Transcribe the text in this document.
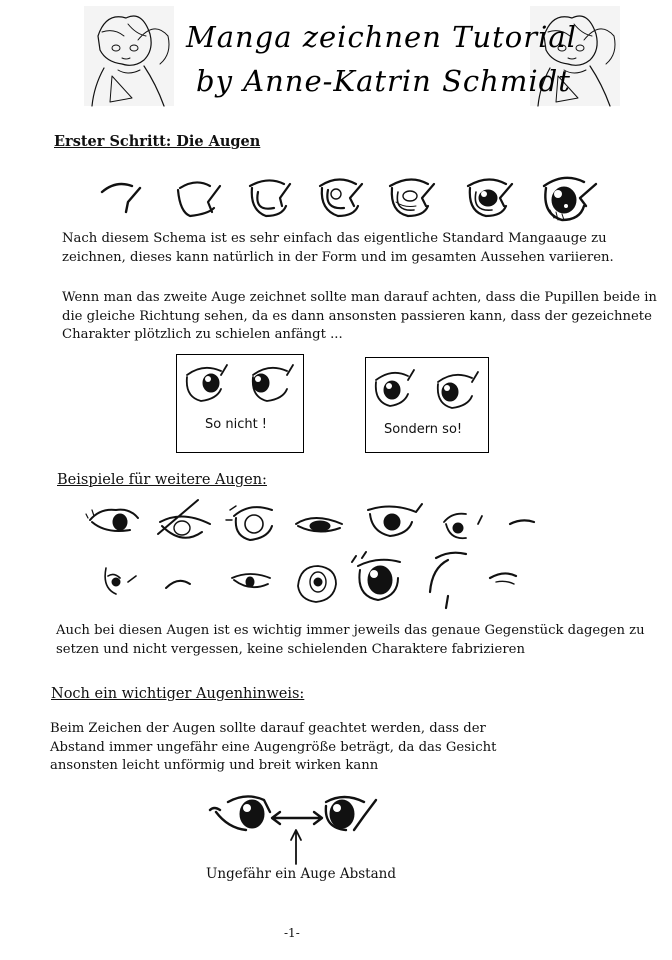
Manga zeichnen Tutorial
by Anne-Katrin Schmidt
Erster Schritt: Die Augen
Nach diesem Schema ist es sehr einfach das eigentliche Standard Mangaauge zu zeichnen, dieses kann natürlich in der Form und im gesamten Aussehen variieren.
Wenn man das zweite Auge zeichnet sollte man darauf achten, dass die Pupillen beide in die gleiche Richtung sehen, da es dann ansonsten passieren kann, dass der gezeichnete Charakter plötzlich zu schielen anfängt ...
So nicht !	Sondern so!
Beispiele für weitere Augen:
Auch bei diesen Augen ist es wichtig immer jeweils das genaue Gegenstück dagegen zu setzen und nicht vergessen, keine schielenden Charaktere fabrizieren
Noch ein wichtiger Augenhinweis:
Beim Zeichen der Augen sollte darauf geachtet werden, dass der Abstand immer ungefähr eine Augengröße beträgt, da das Gesicht ansonsten leicht unförmig und breit wirken kann
Ungefähr ein Auge Abstand
-1-
